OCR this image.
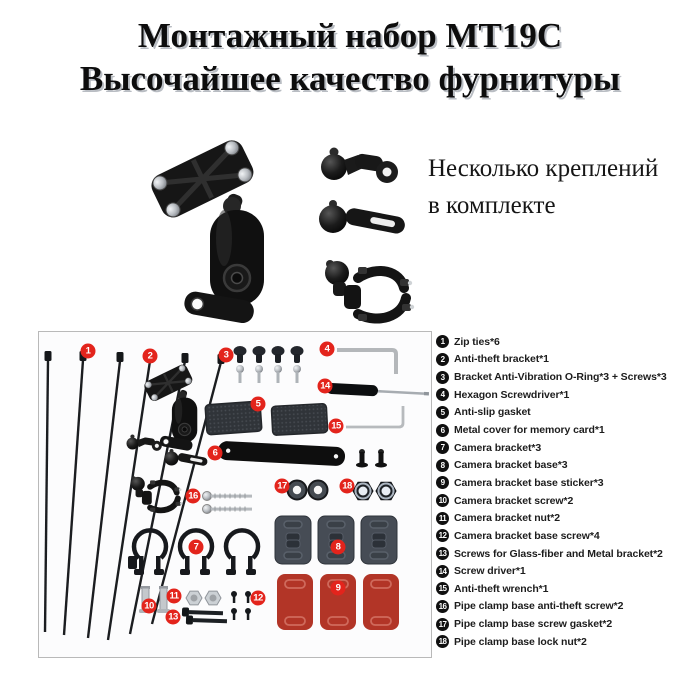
Монтажный набор MT19C
Высочайшее качество фурнитуры
Несколько креплений
в комплекте
1	2	3
4
5
6
7	8
9
10
11	12
13
14
15
16
17	18
1 Zip ties*6
2 Anti-theft bracket*1
3 Bracket Anti-Vibration O-Ring*3 + Screws*3
4 Hexagon Screwdriver*1
5 Anti-slip gasket
6 Metal cover for memory card*1
7 Camera bracket*3
8 Camera bracket base*3
9 Camera bracket base sticker*3
10 Camera bracket screw*2
11 Camera bracket nut*2
12 Camera bracket base screw*4
13 Screws for Glass-fiber and Metal bracket*2
14 Screw driver*1
15 Anti-theft wrench*1
16 Pipe clamp base anti-theft screw*2
17 Pipe clamp base screw gasket*2
18 Pipe clamp base lock nut*2
